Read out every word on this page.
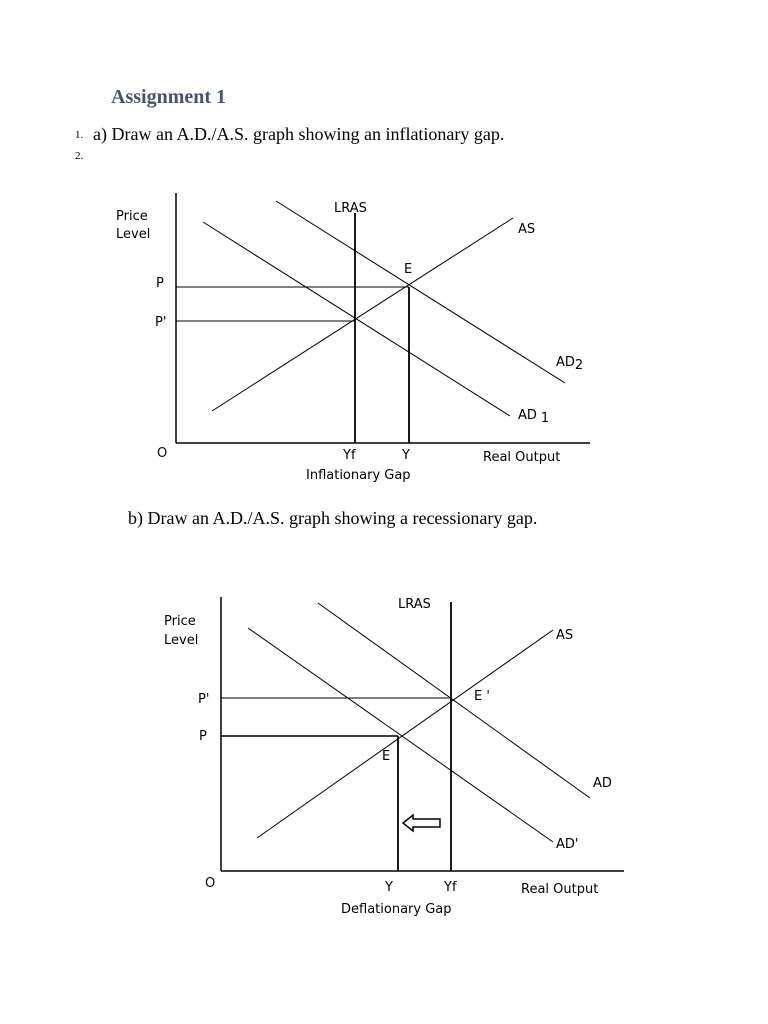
Assignment 1
1. a) Draw an A.D./A.S. graph showing an inflationary gap.
2.
Price
Level
P
P'
O
LRAS
AS
E
AD2
AD 1
Yf	Y	Real Output
Inflationary Gap
b) Draw an A.D./A.S. graph showing a recessionary gap.
Price
Level
P'
P
O
LRAS
AS
E '
E
AD
AD'
Y	Yf	Real Output
Deflationary Gap
